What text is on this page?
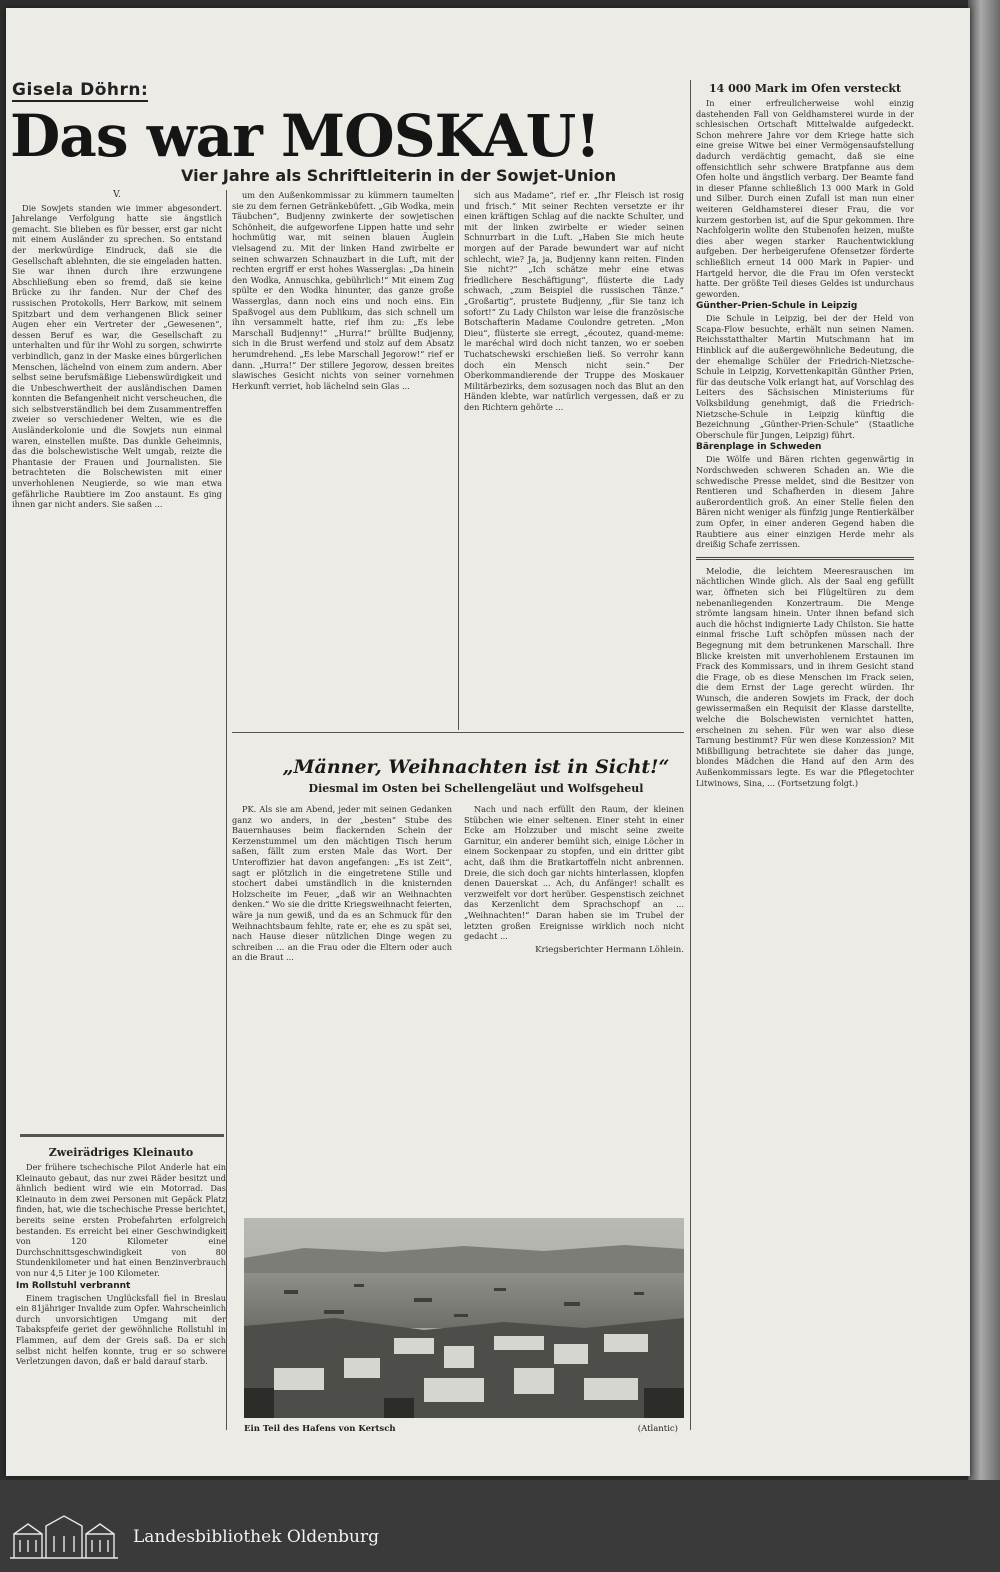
Gisela Döhrn:
Das war MOSKAU!
Vier Jahre als Schriftleiterin in der Sowjet-Union
V.

Die Sowjets standen wie immer abgesondert. Jahrelange Verfolgung hatte sie ängstlich gemacht. Sie blieben es für besser, erst gar nicht mit einem Ausländer zu sprechen. So entstand der merkwürdige Eindruck, daß sie die Gesellschaft ablehnten, die sie eingeladen hatten. Sie war ihnen durch ihre erzwungene Abschließung eben so fremd, daß sie keine Brücke zu ihr fanden. Nur der Chef des russischen Protokolls, Herr Barkow, mit seinem Spitzbart und dem verhangenen Blick seiner Augen eher ein Vertreter der „Gewesenen“, dessen Beruf es war, die Gesellschaft zu unterhalten und für ihr Wohl zu sorgen, schwirrte verbindlich, ganz in der Maske eines bürgerlichen Menschen, lächelnd von einem zum andern. Aber selbst seine berufsmäßige Liebenswürdigkeit und die Unbeschwertheit der ausländischen Damen konnten die Befangenheit nicht verscheuchen, die sich selbstverständlich bei dem Zusammentreffen zweier so verschiedener Welten, wie es die Ausländerkolonie und die Sowjets nun einmal waren, einstellen mußte. Das dunkle Geheimnis, das die bolschewistische Welt umgab, reizte die Phantasie der Frauen und Journalisten. Sie betrachteten die Bolschewisten mit einer unverhohlenen Neugierde, so wie man etwa gefährliche Raubtiere im Zoo anstaunt. Es ging ihnen gar nicht anders. Sie saßen ...

Zweirädriges Kleinauto

Der frühere tschechische Pilot Anderle hat ein Kleinauto gebaut, das nur zwei Räder besitzt und ähnlich bedient wird wie ein Motorrad. Das Kleinauto in dem zwei Personen mit Gepäck Platz finden, hat, wie die tschechische Presse berichtet, bereits seine ersten Probefahrten erfolgreich bestanden. Es erreicht bei einer Geschwindigkeit von 120 Kilometer eine Durchschnittsgeschwindigkeit von 80 Stundenkilometer und hat einen Benzinverbrauch von nur 4,5 Liter je 100 Kilometer.

Im Rollstuhl verbrannt

Einem tragischen Unglücksfall fiel in Breslau ein 81jähriger Invalide zum Opfer. Wahrscheinlich durch unvorsichtigen Umgang mit der Tabakspfeife geriet der gewöhnliche Rollstuhl in Flammen, auf dem der Greis saß. Da er sich selbst nicht helfen konnte, trug er so schwere Verletzungen davon, daß er bald darauf starb.

um den Außenkommissar zu kümmern taumelten sie zu dem fernen Getränkebüfett. „Gib Wodka, mein Täubchen“, Budjenny zwinkerte der sowjetischen Schönheit, die aufgeworfene Lippen hatte und sehr hochmütig war, mit seinen blauen Äuglein vielsagend zu. Mit der linken Hand zwirbelte er seinen schwarzen Schnauzbart in die Luft, mit der rechten ergriff er erst hohes Wasserglas: „Da hinein den Wodka, Annuschka, gebührlich!“ Mit einem Zug spülte er den Wodka hinunter, das ganze große Wasserglas, dann noch eins und noch eins. Ein Spaßvogel aus dem Publikum, das sich schnell um ihn versammelt hatte, rief ihm zu: „Es lebe Marschall Budjenny!“ „Hurra!“ brüllte Budjenny, sich in die Brust werfend und stolz auf dem Absatz herumdrehend. „Es lebe Marschall Jegorow!“ rief er dann. „Hurra!“ Der stillere Jegorow, dessen breites slawisches Gesicht nichts von seiner vornehmen Herkunft verriet, hob lächelnd sein Glas ...

sich aus Madame“, rief er. „Ihr Fleisch ist rosig und frisch.“ Mit seiner Rechten versetzte er ihr einen kräftigen Schlag auf die nackte Schulter, und mit der linken zwirbelte er wieder seinen Schnurrbart in die Luft. „Haben Sie mich heute morgen auf der Parade bewundert war auf nicht schlecht, wie? Ja, ja, Budjenny kann reiten. Finden Sie nicht?“ „Ich schätze mehr eine etwas friedlichere Beschäftigung“, flüsterte die Lady schwach, „zum Beispiel die russischen Tänze.“ „Großartig“, prustete Budjenny, „für Sie tanz ich sofort!“ Zu Lady Chilston war leise die französische Botschafterin Madame Coulondre getreten. „Mon Dieu“, flüsterte sie erregt, „écoutez, quand-meme: le maréchal wird doch nicht tanzen, wo er soeben Tuchatschewski erschießen ließ. So verrohr kann doch ein Mensch nicht sein.“ Der Oberkommandierende der Truppe des Moskauer Militärbezirks, dem sozusagen noch das Blut an den Händen klebte, war natürlich vergessen, daß er zu den Richtern gehörte ...

„Männer, Weihnachten ist in Sicht!“
Diesmal im Osten bei Schellengeläut und Wolfsgeheul

PK. Als sie am Abend, jeder mit seinen Gedanken ganz wo anders, in der „besten“ Stube des Bauernhauses beim flackernden Schein der Kerzenstummel um den mächtigen Tisch herum saßen, fällt zum ersten Male das Wort. Der Unteroffizier hat davon angefangen: „Es ist Zeit“, sagt er plötzlich in die eingetretene Stille und stochert dabei umständlich in die knisternden Holzscheite im Feuer, „daß wir an Weihnachten denken.“ Wo sie die dritte Kriegsweihnacht feierten, wäre ja nun gewiß, und da es an Schmuck für den Weihnachtsbaum fehlte, rate er, ehe es zu spät sei, nach Hause dieser nützlichen Dinge wegen zu schreiben ... an die Frau oder die Eltern oder auch an die Braut ...

Nach und nach erfüllt den Raum, der kleinen Stübchen wie einer seltenen. Einer steht in einer Ecke am Holzzuber und mischt seine zweite Garnitur, ein anderer bemüht sich, einige Löcher in einem Sockenpaar zu stopfen, und ein dritter gibt acht, daß ihm die Bratkartoffeln nicht anbrennen. Dreie, die sich doch gar nichts hinterlassen, klopfen denen Dauerskat ... Ach, du Anfänger! schallt es verzweifelt vor dort herüber. Gespenstisch zeichnet das Kerzenlicht dem Sprachschopf an ... „Weihnachten!“ Daran haben sie im Trubel der letzten großen Ereignisse wirklich noch nicht gedacht ...

Kriegsberichter Hermann Löhlein.
Ein Teil des Hafens von Kertsch	(Atlantic)
14 000 Mark im Ofen versteckt

In einer erfreulicherweise wohl einzig dastehenden Fall von Geldhamsterei wurde in der schlesischen Ortschaft Mittelwalde aufgedeckt. Schon mehrere Jahre vor dem Kriege hatte sich eine greise Witwe bei einer Vermögensaufstellung dadurch verdächtig gemacht, daß sie eine offensichtlich sehr schwere Bratpfanne aus dem Ofen holte und ängstlich verbarg. Der Beamte fand in dieser Pfanne schließlich 13 000 Mark in Gold und Silber. Durch einen Zufall ist man nun einer weiteren Geldhamsterei dieser Frau, die vor kurzem gestorben ist, auf die Spur gekommen. Ihre Nachfolgerin wollte den Stubenofen heizen, mußte dies aber wegen starker Rauchentwicklung aufgeben. Der herbeigerufene Ofensetzer förderte schließlich erneut 14 000 Mark in Papier- und Hartgeld hervor, die die Frau im Ofen versteckt hatte. Der größte Teil dieses Geldes ist undurchaus geworden.

Günther-Prien-Schule in Leipzig

Die Schule in Leipzig, bei der der Held von Scapa-Flow besuchte, erhält nun seinen Namen. Reichsstatthalter Martin Mutschmann hat im Hinblick auf die außergewöhnliche Bedeutung, die der ehemalige Schüler der Friedrich-Nietzsche-Schule in Leipzig, Korvettenkapitän Günther Prien, für das deutsche Volk erlangt hat, auf Vorschlag des Leiters des Sächsischen Ministeriums für Volksbildung genehmigt, daß die Friedrich-Nietzsche-Schule in Leipzig künftig die Bezeichnung „Günther-Prien-Schule“ (Staatliche Oberschule für Jungen, Leipzig) führt.

Bärenplage in Schweden

Die Wölfe und Bären richten gegenwärtig in Nordschweden schweren Schaden an. Wie die schwedische Presse meldet, sind die Besitzer von Rentieren und Schafherden in diesem Jahre außerordentlich groß. An einer Stelle fielen den Bären nicht weniger als fünfzig junge Rentierkälber zum Opfer, in einer anderen Gegend haben die Raubtiere aus einer einzigen Herde mehr als dreißig Schafe zerrissen.

Melodie, die leichtem Meeresrauschen im nächtlichen Winde glich. Als der Saal eng gefüllt war, öffneten sich bei Flügeltüren zu dem nebenanliegenden Konzertraum. Die Menge strömte langsam hinein. Unter ihnen befand sich auch die höchst indignierte Lady Chilston. Sie hatte einmal frische Luft schöpfen müssen nach der Begegnung mit dem betrunkenen Marschall. Ihre Blicke kreisten mit unverhohlenem Erstaunen im Frack des Kommissars, und in ihrem Gesicht stand die Frage, ob es diese Menschen im Frack seien, die dem Ernst der Lage gerecht würden. Ihr Wunsch, die anderen Sowjets im Frack, der doch gewissermaßen ein Requisit der Klasse darstellte, welche die Bolschewisten vernichtet hatten, erscheinen zu sehen. Für wen war also diese Tarnung bestimmt? Für wen diese Konzession? Mit Mißbilligung betrachtete sie daher das junge, blondes Mädchen die Hand auf den Arm des Außenkommissars legte. Es war die Pflegetochter Litwinows, Sina, ... (Fortsetzung folgt.)

Landesbibliothek Oldenburg
